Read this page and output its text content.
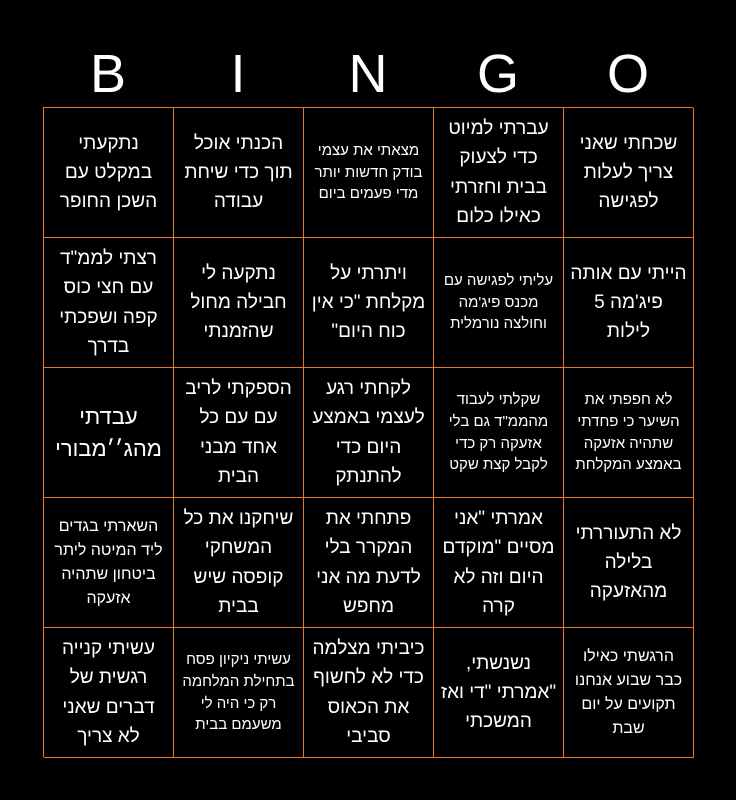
B	I	N	G	O
נתקעתי במקלט עם השכן החופר
הכנתי אוכל תוך כדי שיחת עבודה
מצאתי את עצמי בודק חדשות יותר מדי פעמים ביום
עברתי למיוט כדי לצעוק בבית וחזרתי כאילו כלום
שכחתי שאני צריך לעלות לפגישה
רצתי לממ"ד עם חצי כוס קפה ושפכתי בדרך
נתקעה לי חבילה מחול שהזמנתי
ויתרתי על מקלחת "כי אין כוח היום"
עליתי לפגישה עם מכנס פיג'מה וחולצה נורמלית
הייתי עם אותה פיג'מה 5 לילות
עבדתי מהג׳׳מבורי
הספקתי לריב עם עם כל אחד מבני הבית
לקחתי רגע לעצמי באמצע היום כדי להתנתק
שקלתי לעבוד מהממ"ד גם בלי אזעקה רק כדי לקבל קצת שקט
לא חפפתי את השיער כי פחדתי שתהיה אזעקה באמצע המקלחת
השארתי בגדים ליד המיטה ליתר ביטחון שתהיה אזעקה
שיחקנו את כל המשחקי קופסה שיש בבית
פתחתי את המקרר בלי לדעת מה אני מחפש
אמרתי "אני מסיים "מוקדם היום וזה לא קרה
לא התעוררתי בלילה מהאזעקה
עשיתי קנייה רגשית של דברים שאני לא צריך
עשיתי ניקיון פסח בתחילת המלחמה רק כי היה לי משעמם בבית
כיביתי מצלמה כדי לא לחשוף את הכאוס סביבי
נשנשתי, "אמרתי "די ואז המשכתי
הרגשתי כאילו כבר שבוע אנחנו תקועים על יום שבת
